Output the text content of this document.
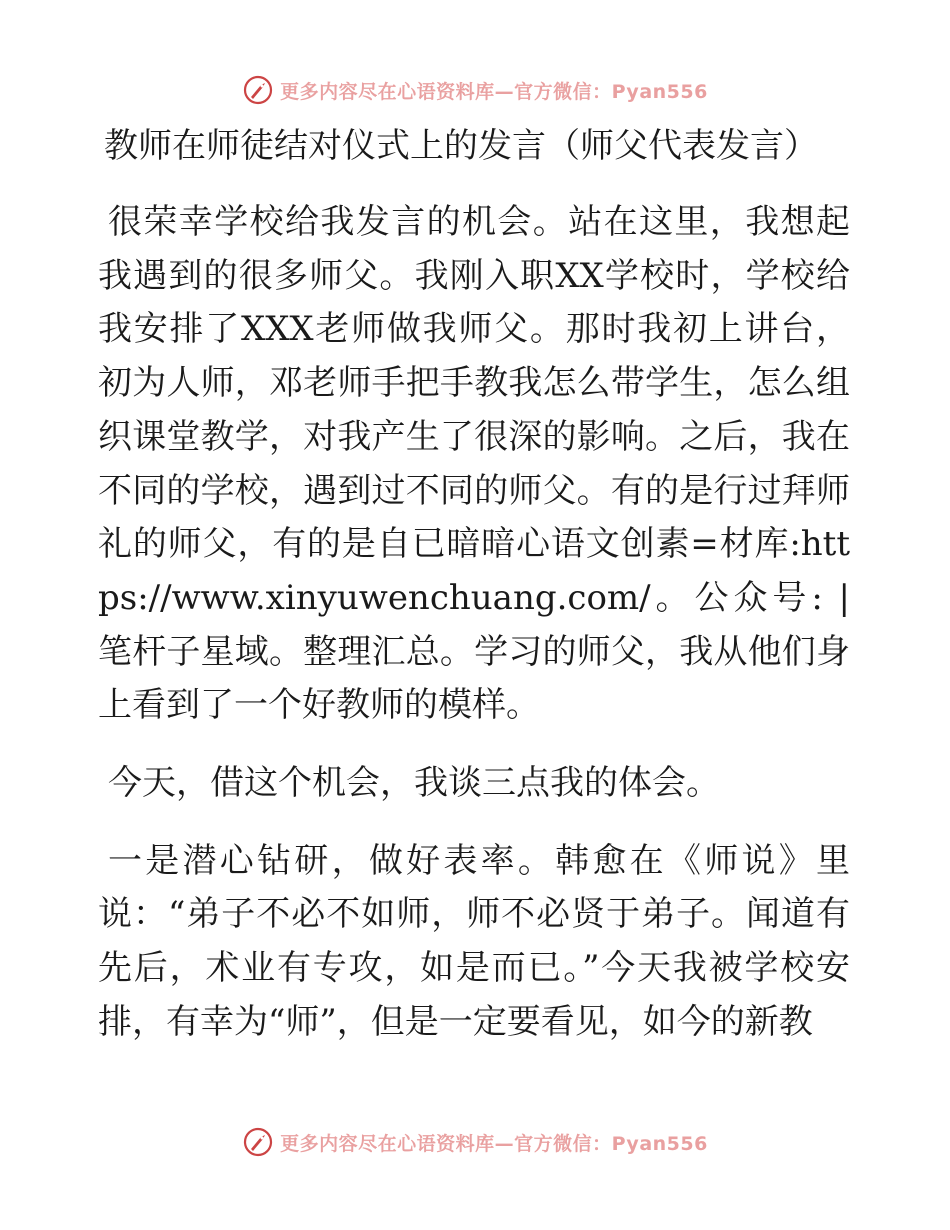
更多内容尽在心语资料库—官方微信：Pyan556
教师在师徒结对仪式上的发言（师父代表发言）

很荣幸学校给我发言的机会。站在这里，我想起我遇到的很多师父。我刚入职XX学校时，学校给我安排了XXX老师做我师父。那时我初上讲台，初为人师，邓老师手把手教我怎么带学生，怎么组织课堂教学，对我产生了很深的影响。之后，我在不同的学校，遇到过不同的师父。有的是行过拜师礼的师父，有的是自已暗暗心语文创素=材库:https://www.xinyuwenchuang.com/。公众号: |笔杆子星域。整理汇总。学习的师父，我从他们身上看到了一个好教师的模样。

今天，借这个机会，我谈三点我的体会。

一是潜心钻研，做好表率。韩愈在《师说》里说：“弟子不必不如师，师不必贤于弟子。闻道有先后，术业有专攻，如是而已。”今天我被学校安排，有幸为“师”，但是一定要看见，如今的新教

更多内容尽在心语资料库—官方微信：Pyan556
